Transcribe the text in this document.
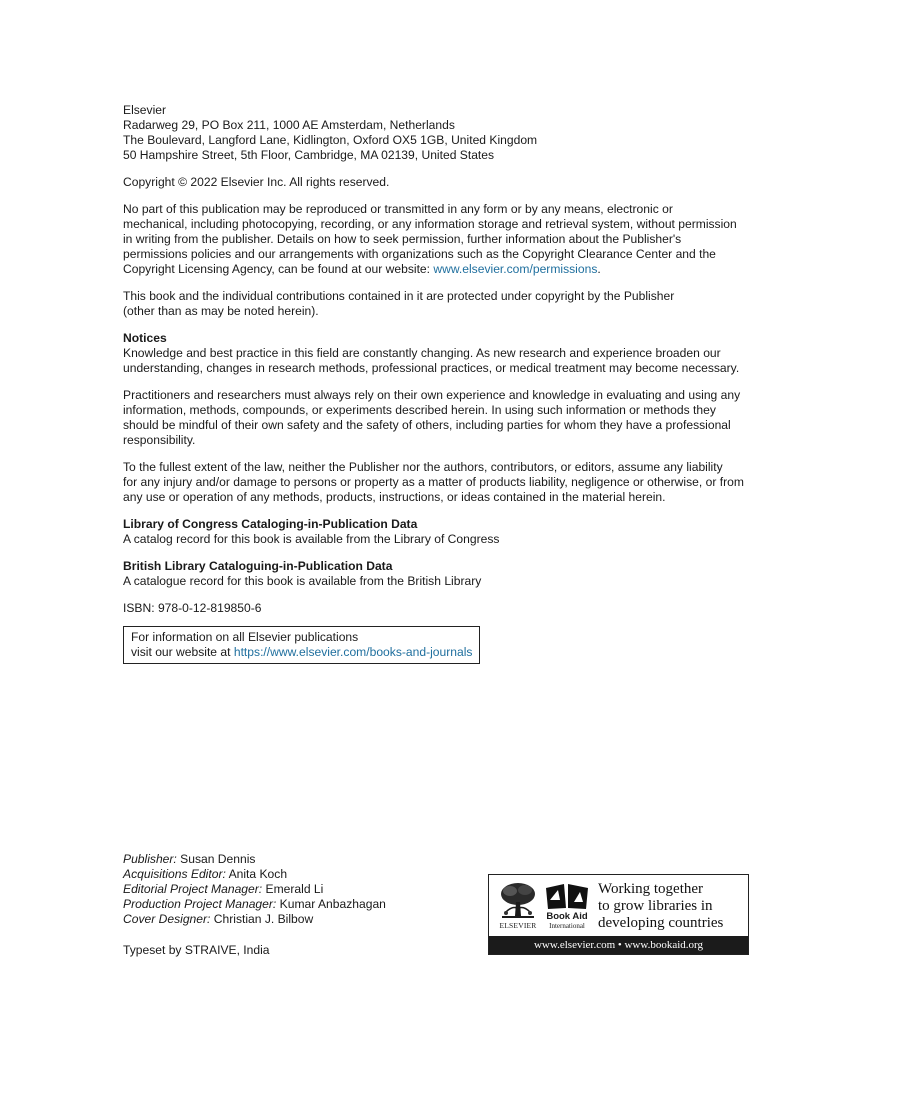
Elsevier
Radarweg 29, PO Box 211, 1000 AE Amsterdam, Netherlands
The Boulevard, Langford Lane, Kidlington, Oxford OX5 1GB, United Kingdom
50 Hampshire Street, 5th Floor, Cambridge, MA 02139, United States
Copyright © 2022 Elsevier Inc. All rights reserved.
No part of this publication may be reproduced or transmitted in any form or by any means, electronic or
mechanical, including photocopying, recording, or any information storage and retrieval system, without permission
in writing from the publisher. Details on how to seek permission, further information about the Publisher's
permissions policies and our arrangements with organizations such as the Copyright Clearance Center and the
Copyright Licensing Agency, can be found at our website: www.elsevier.com/permissions.
This book and the individual contributions contained in it are protected under copyright by the Publisher
(other than as may be noted herein).
Notices
Knowledge and best practice in this field are constantly changing. As new research and experience broaden our
understanding, changes in research methods, professional practices, or medical treatment may become necessary.
Practitioners and researchers must always rely on their own experience and knowledge in evaluating and using any
information, methods, compounds, or experiments described herein. In using such information or methods they
should be mindful of their own safety and the safety of others, including parties for whom they have a professional
responsibility.
To the fullest extent of the law, neither the Publisher nor the authors, contributors, or editors, assume any liability
for any injury and/or damage to persons or property as a matter of products liability, negligence or otherwise, or from
any use or operation of any methods, products, instructions, or ideas contained in the material herein.
Library of Congress Cataloging-in-Publication Data
A catalog record for this book is available from the Library of Congress
British Library Cataloguing-in-Publication Data
A catalogue record for this book is available from the British Library
ISBN: 978-0-12-819850-6
For information on all Elsevier publications
visit our website at https://www.elsevier.com/books-and-journals
Publisher: Susan Dennis
Acquisitions Editor: Anita Koch
Editorial Project Manager: Emerald Li
Production Project Manager: Kumar Anbazhagan
Cover Designer: Christian J. Bilbow
Typeset by STRAIVE, India
ELSEVIER
Book Aid
International
Working together
to grow libraries in
developing countries
www.elsevier.com • www.bookaid.org
